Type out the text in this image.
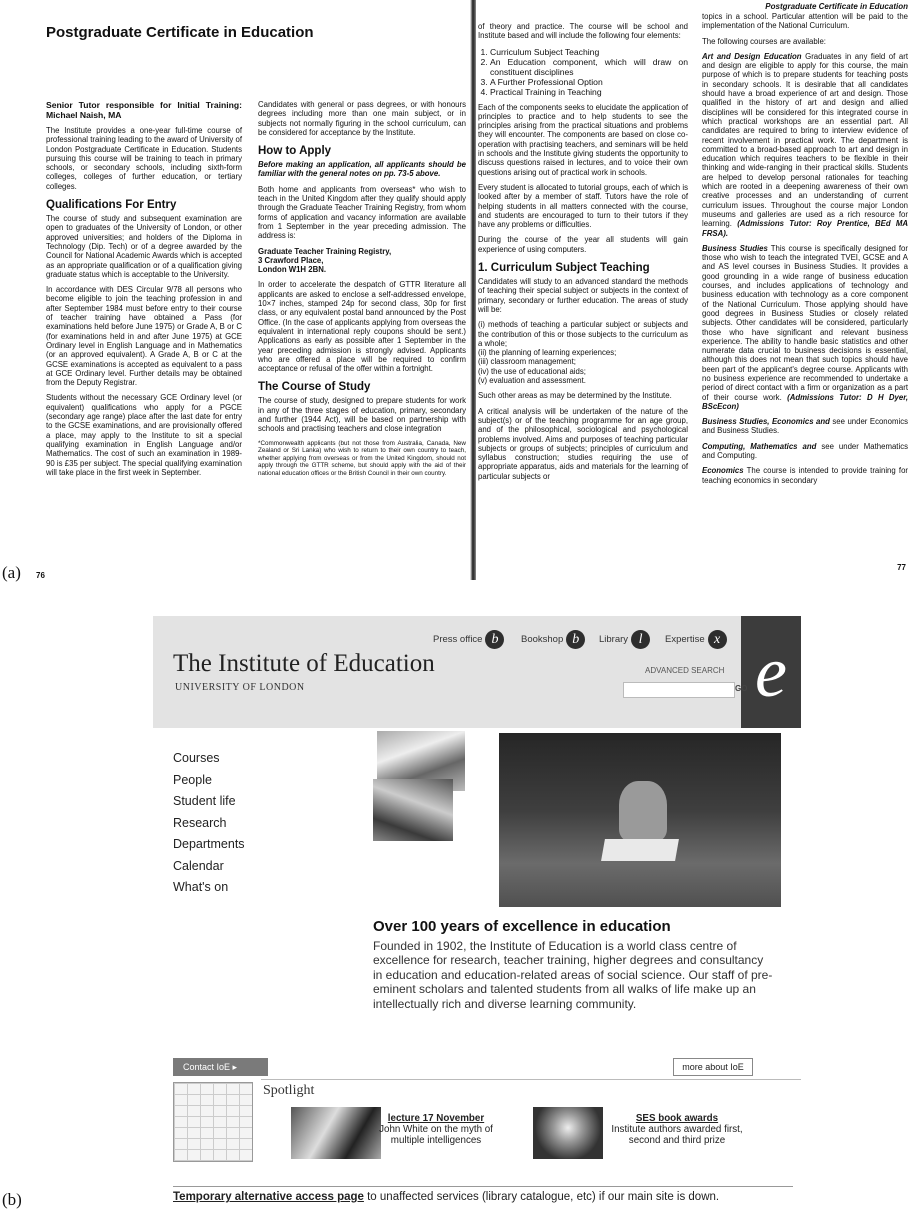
(a)
(b)
Postgraduate Certificate in Education

Senior Tutor responsible for Initial Training: Michael Naish, MA

The Institute provides a one-year full-time course of professional training leading to the award of University of London Postgraduate Certificate in Education. Students pursuing this course will be training to teach in primary schools, or secondary schools, including sixth-form colleges, colleges of further education, or tertiary colleges.

Qualifications For Entry

The course of study and subsequent examination are open to graduates of the University of London, or other approved universities; and holders of the Diploma in Technology (Dip. Tech) or of a degree awarded by the Council for National Academic Awards which is accepted as an appropriate qualification or of a qualification giving graduate status which is acceptable to the University.

In accordance with DES Circular 9/78 all persons who become eligible to join the teaching profession in and after September 1984 must before entry to their course of teacher training have obtained a Pass (for examinations held before June 1975) or Grade A, B or C (for examinations held in and after June 1975) at GCE Ordinary level in English Language and in Mathematics (or an approved equivalent). A Grade A, B or C at the GCSE examinations is accepted as equivalent to a pass at GCE Ordinary level. Further details may be obtained from the Deputy Registrar.

Students without the necessary GCE Ordinary level (or equivalent) qualifications who apply for a PGCE (secondary age range) place after the last date for entry to the GCSE examinations, and are provisionally offered a place, may apply to the Institute to sit a special qualifying examination in English Language and/or Mathematics. The cost of such an examination in 1989-90 is £35 per subject. The special qualifying examination will take place in the first week in September.

Candidates with general or pass degrees, or with honours degrees including more than one main subject, or in subjects not normally figuring in the school curriculum, can be considered for acceptance by the Institute.

How to Apply

Before making an application, all applicants should be familiar with the general notes on pp. 73-5 above.

Both home and applicants from overseas* who wish to teach in the United Kingdom after they qualify should apply through the Graduate Teacher Training Registry, from whom forms of application and vacancy information are available from 1 September in the year preceding admission. The address is:

Graduate Teacher Training Registry,

3 Crawford Place,

London W1H 2BN.

In order to accelerate the despatch of GTTR literature all applicants are asked to enclose a self-addressed envelope, 10×7 inches, stamped 24p for second class, 30p for first class, or any equivalent postal band announced by the Post Office. (In the case of applicants applying from overseas the equivalent in international reply coupons should be sent.) Applications as early as possible after 1 September in the year preceding admission is strongly advised. Applicants who are offered a place will be required to confirm acceptance or refusal of the offer within a fortnight.

The Course of Study

The course of study, designed to prepare students for work in any of the three stages of education, primary, secondary and further (1944 Act), will be based on partnership with schools and practising teachers and close integration

*Commonwealth applicants (but not those from Australia, Canada, New Zealand or Sri Lanka) who wish to return to their own country to teach, whether applying from overseas or from the United Kingdom, should not apply through the GTTR scheme, but should apply with the aid of their national education offices or the British Council in their own country.

76
Postgraduate Certificate in Education

of theory and practice. The course will be school and Institute based and will include the following four elements:

1. Curriculum Subject Teaching
2. An Education component, which will draw on constituent disciplines
3. A Further Professional Option
4. Practical Training in Teaching

Each of the components seeks to elucidate the application of principles to practice and to help students to see the principles arising from the practical situations and problems they will encounter. The components are based on close co-operation with practising teachers, and seminars will be held in schools and the Institute giving students the opportunity to discuss questions raised in lectures, and to voice their own questions arising out of practical work in schools.

Every student is allocated to tutorial groups, each of which is looked after by a member of staff. Tutors have the role of helping students in all matters connected with the course, and students are encouraged to turn to their tutors if they have any problems or difficulties.

During the course of the year all students will gain experience of using computers.

1. Curriculum Subject Teaching

Candidates will study to an advanced standard the methods of teaching their special subject or subjects in the context of primary, secondary or further education. The areas of study will be:

(i) methods of teaching a particular subject or subjects and the contribution of this or those subjects to the curriculum as a whole;
(ii) the planning of learning experiences;
(iii) classroom management;
(iv) the use of educational aids;
(v) evaluation and assessment.

Such other areas as may be determined by the Institute.

A critical analysis will be undertaken of the nature of the subject(s) or of the teaching programme for an age group, and of the philosophical, sociological and psychological problems involved. Aims and purposes of teaching particular subjects or groups of subjects; principles of curriculum and syllabus construction; studies requiring the use of appropriate apparatus, aids and materials for the learning of particular subjects or

topics in a school. Particular attention will be paid to the implementation of the National Curriculum.

The following courses are available:

Art and Design Education Graduates in any field of art and design are eligible to apply for this course, the main purpose of which is to prepare students for teaching posts in secondary schools. It is desirable that all candidates should have a broad experience of art and design. Those qualified in the history of art and design and allied disciplines will be considered for this integrated course in which practical workshops are an essential part. All candidates are required to bring to interview evidence of recent involvement in practical work. The department is committed to a broad-based approach to art and design in education which requires teachers to be flexible in their thinking and wide-ranging in their practical skills. Students are helped to develop personal rationales for teaching which are rooted in a deepening awareness of their own creative processes and an understanding of current curriculum issues. Throughout the course major London museums and galleries are used as a rich resource for learning. (Admissions Tutor: Roy Prentice, BEd MA FRSA).

Business Studies This course is specifically designed for those who wish to teach the integrated TVEI, GCSE and A and AS level courses in Business Studies. It provides a good grounding in a wide range of business education courses, and includes applications of technology and business education with technology as a core component of the National Curriculum. Those applying should have good degrees in Business Studies or closely related subjects. Other candidates will be considered, particularly those who have significant and relevant business experience. The ability to handle basic statistics and other numerate data crucial to business decisions is essential, although this does not mean that such topics should have been part of the applicant's degree course. Applicants with no business experience are recommended to undertake a period of direct contact with a firm or organization as a part of their course work. (Admissions Tutor: D H Dyer, BScEcon)

Business Studies, Economics and see under Economics and Business Studies.

Computing, Mathematics and see under Mathematics and Computing.

Economics The course is intended to provide training for teaching economics in secondary

77
Press office b	Bookshop b	Library l	Expertise x e
The Institute of Education
UNIVERSITY OF LONDON
ADVANCED SEARCH
GO
Courses
People
Student life
Research
Departments
Calendar
What's on
Over 100 years of excellence in education
Founded in 1902, the Institute of Education is a world class centre of excellence for research, teacher training, higher degrees and consultancy in education and education-related areas of social science. Our staff of pre-eminent scholars and talented students from all walks of life make up an intellectually rich and diverse learning community.
Contact IoE ▸	more about IoE
Spotlight
lecture 17 November
John White on the myth of multiple intelligences
SES book awards
Institute authors awarded first, second and third prize
Temporary alternative access page to unaffected services (library catalogue, etc) if our main site is down.
